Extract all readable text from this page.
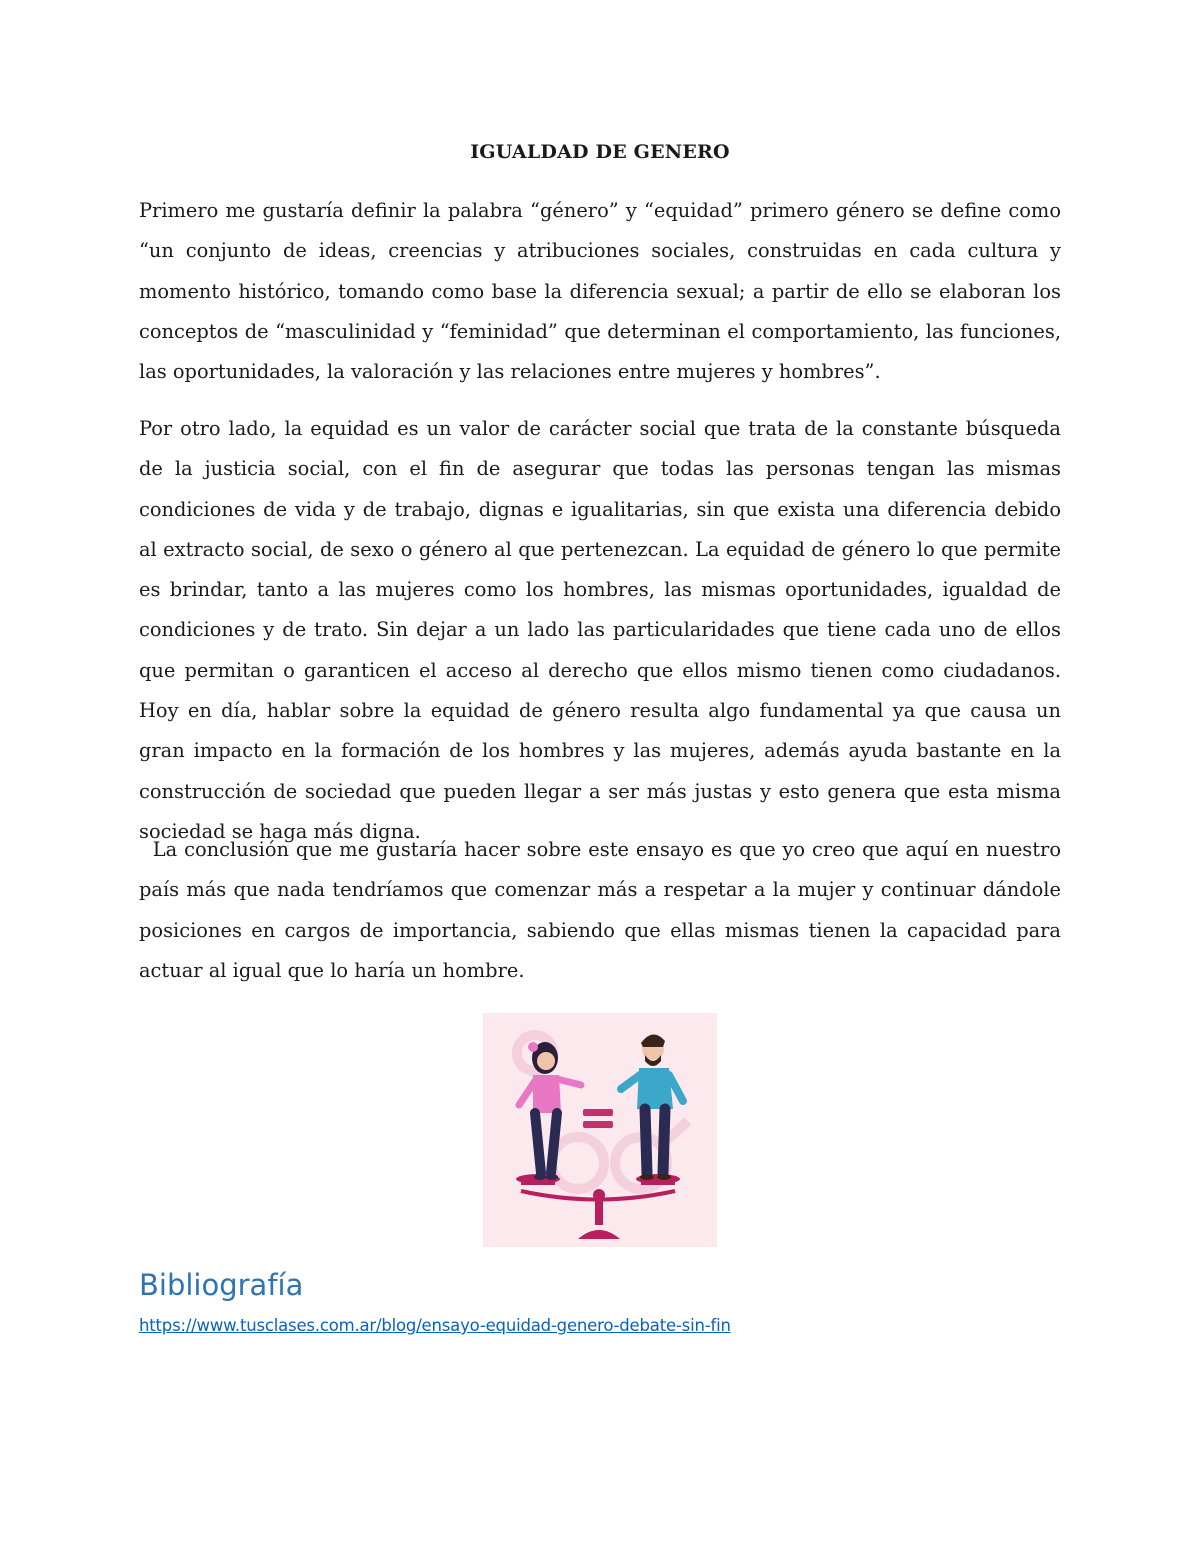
IGUALDAD DE GENERO

Primero me gustaría definir la palabra “género” y “equidad” primero género se define como “un conjunto de ideas, creencias y atribuciones sociales, construidas en cada cultura y momento histórico, tomando como base la diferencia sexual; a partir de ello se elaboran los conceptos de “masculinidad y “feminidad” que determinan el comportamiento, las funciones, las oportunidades, la valoración y las relaciones entre mujeres y hombres”.

Por otro lado, la equidad es un valor de carácter social que trata de la constante búsqueda de la justicia social, con el fin de asegurar que todas las personas tengan las mismas condiciones de vida y de trabajo, dignas e igualitarias, sin que exista una diferencia debido al extracto social, de sexo o género al que pertenezcan. La equidad de género lo que permite es brindar, tanto a las mujeres como los hombres, las mismas oportunidades, igualdad de condiciones y de trato. Sin dejar a un lado las particularidades que tiene cada uno de ellos que permitan o garanticen el acceso al derecho que ellos mismo tienen como ciudadanos. Hoy en día, hablar sobre la equidad de género resulta algo fundamental ya que causa un gran impacto en la formación de los hombres y las mujeres, además ayuda bastante en la construcción de sociedad que pueden llegar a ser más justas y esto genera que esta misma sociedad se haga más digna.

La conclusión que me gustaría hacer sobre este ensayo es que yo creo que aquí en nuestro país más que nada tendríamos que comenzar más a respetar a la mujer y continuar dándole posiciones en cargos de importancia, sabiendo que ellas mismas tienen la capacidad para actuar al igual que lo haría un hombre.

Bibliografía
https://www.tusclases.com.ar/blog/ensayo-equidad-genero-debate-sin-fin
